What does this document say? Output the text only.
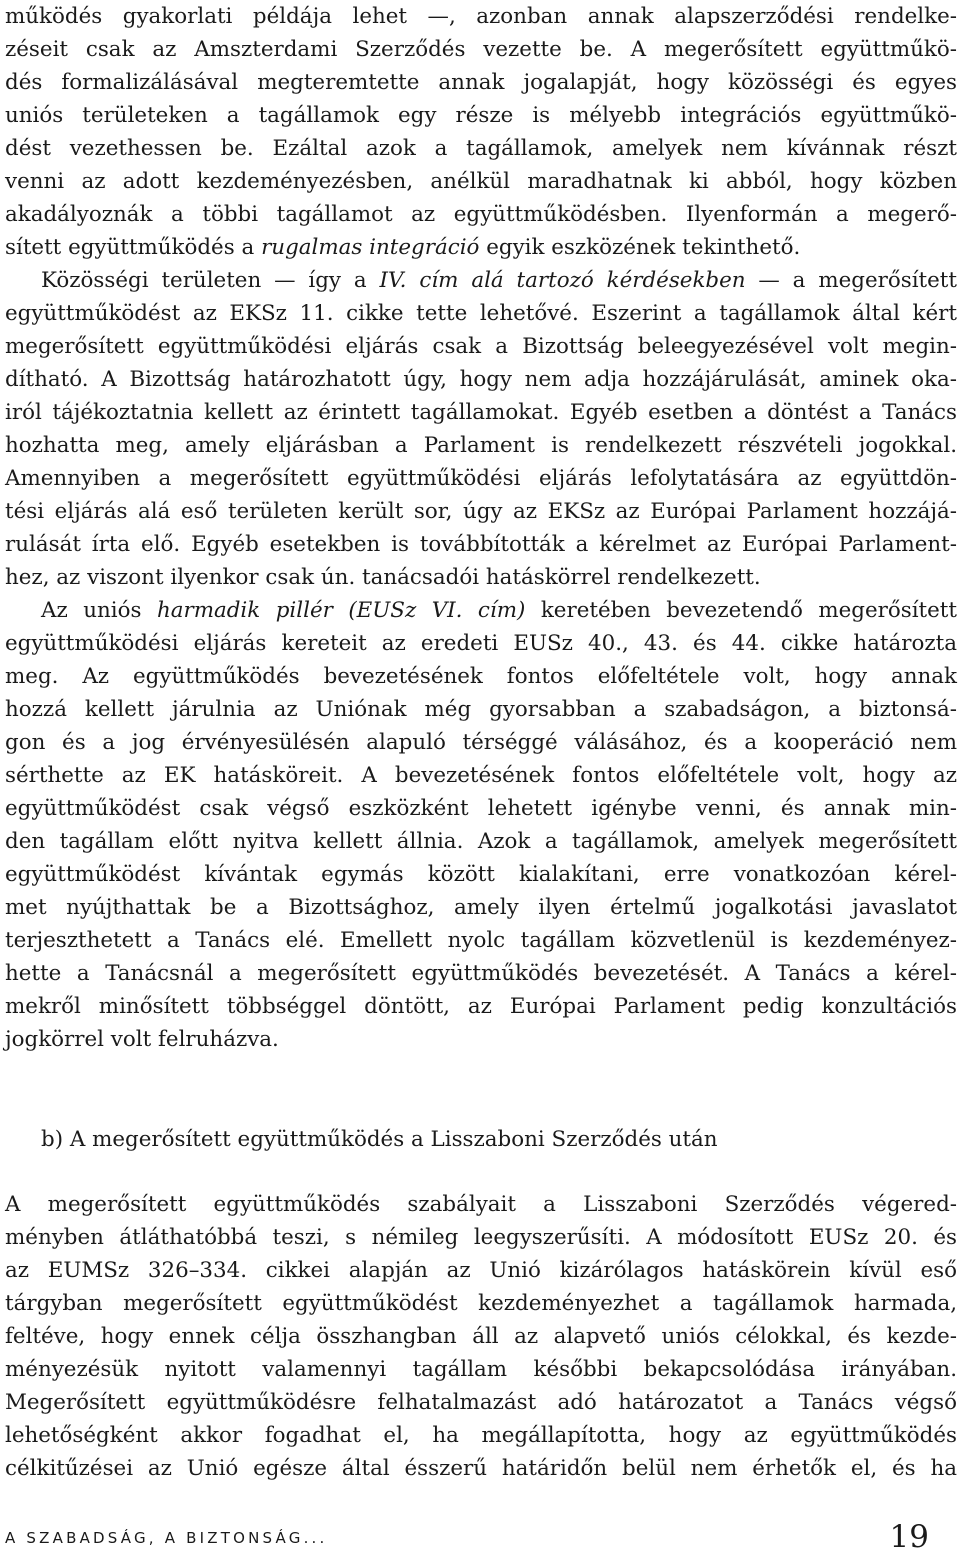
működés gyakorlati példája lehet —, azonban annak alapszerződési rendelke-
zéseit csak az Amszterdami Szerződés vezette be. A megerősített együttműkö-
dés formalizálásával megteremtette annak jogalapját, hogy közösségi és egyes
uniós területeken a tagállamok egy része is mélyebb integrációs együttműkö-
dést vezethessen be. Ezáltal azok a tagállamok, amelyek nem kívánnak részt
venni az adott kezdeményezésben, anélkül maradhatnak ki abból, hogy közben
akadályoznák a többi tagállamot az együttműködésben. Ilyenformán a megerő-
sített együttműködés a rugalmas integráció egyik eszközének tekinthető.
Közösségi területen — így a IV. cím alá tartozó kérdésekben — a megerősített
együttműködést az EKSz 11. cikke tette lehetővé. Eszerint a tagállamok által kért
megerősített együttműködési eljárás csak a Bizottság beleegyezésével volt megin-
dítható. A Bizottság határozhatott úgy, hogy nem adja hozzájárulását, aminek oka-
iról tájékoztatnia kellett az érintett tagállamokat. Egyéb esetben a döntést a Tanács
hozhatta meg, amely eljárásban a Parlament is rendelkezett részvételi jogokkal.
Amennyiben a megerősített együttműködési eljárás lefolytatására az együttdön-
tési eljárás alá eső területen került sor, úgy az EKSz az Európai Parlament hozzájá-
rulását írta elő. Egyéb esetekben is továbbították a kérelmet az Európai Parlament-
hez, az viszont ilyenkor csak ún. tanácsadói hatáskörrel rendelkezett.
Az uniós harmadik pillér (EUSz VI. cím) keretében bevezetendő megerősített
együttműködési eljárás kereteit az eredeti EUSz 40., 43. és 44. cikke határozta
meg. Az együttműködés bevezetésének fontos előfeltétele volt, hogy annak
hozzá kellett járulnia az Uniónak még gyorsabban a szabadságon, a biztonsá-
gon és a jog érvényesülésén alapuló térséggé válásához, és a kooperáció nem
sérthette az EK hatásköreit. A bevezetésének fontos előfeltétele volt, hogy az
együttműködést csak végső eszközként lehetett igénybe venni, és annak min-
den tagállam előtt nyitva kellett állnia. Azok a tagállamok, amelyek megerősített
együttműködést kívántak egymás között kialakítani, erre vonatkozóan kérel-
met nyújthattak be a Bizottsághoz, amely ilyen értelmű jogalkotási javaslatot
terjeszthetett a Tanács elé. Emellett nyolc tagállam közvetlenül is kezdeményez-
hette a Tanácsnál a megerősített együttműködés bevezetését. A Tanács a kérel-
mekről minősített többséggel döntött, az Európai Parlament pedig konzultációs
jogkörrel volt felruházva.
b) A megerősített együttműködés a Lisszaboni Szerződés után
A megerősített együttműködés szabályait a Lisszaboni Szerződés végered-
ményben átláthatóbbá teszi, s némileg leegyszerűsíti. A módosított EUSz 20. és
az EUMSz 326–334. cikkei alapján az Unió kizárólagos hatáskörein kívül eső
tárgyban megerősített együttműködést kezdeményezhet a tagállamok harmada,
feltéve, hogy ennek célja összhangban áll az alapvető uniós célokkal, és kezde-
ményezésük nyitott valamennyi tagállam későbbi bekapcsolódása irányában.
Megerősített együttműködésre felhatalmazást adó határozatot a Tanács végső
lehetőségként akkor fogadhat el, ha megállapította, hogy az együttműködés
célkitűzései az Unió egésze által ésszerű határidőn belül nem érhetők el, és ha
A SZABADSÁG, A BIZTONSÁG...	19
